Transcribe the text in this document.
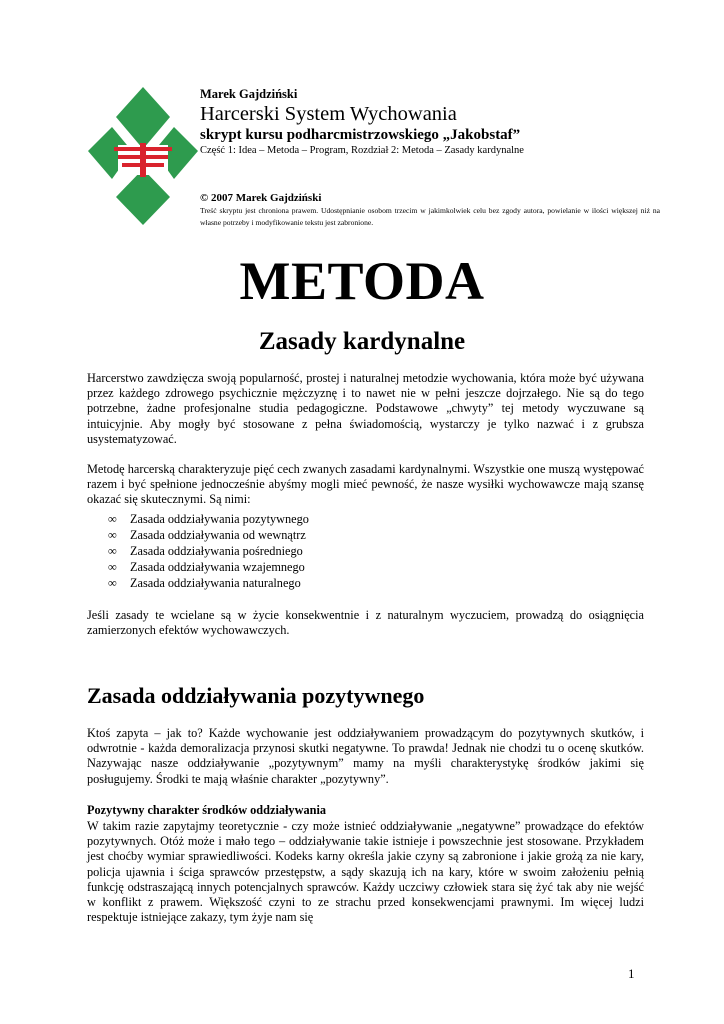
Marek Gajdziński

Harcerski System Wychowania

skrypt kursu podharcmistrzowskiego „Jakobstaf”

Część 1: Idea – Metoda – Program, Rozdział 2: Metoda – Zasady kardynalne

© 2007 Marek Gajdziński

Treść skryptu jest chroniona prawem. Udostępnianie osobom trzecim w jakimkolwiek celu bez zgody autora, powielanie w ilości większej niż na własne potrzeby i modyfikowanie tekstu jest zabronione.

METODA
Zasady kardynalne

Harcerstwo zawdzięcza swoją popularność, prostej i naturalnej metodzie wychowania, która może być używana przez każdego zdrowego psychicznie mężczyznę i to nawet nie w pełni jeszcze dojrzałego. Nie są do tego potrzebne, żadne profesjonalne studia pedagogiczne. Podstawowe „chwyty” tej metody wyczuwane są intuicyjnie. Aby mogły być stosowane z pełna świadomością, wystarczy je tylko nazwać i z grubsza usystematyzować.

Metodę harcerską charakteryzuje pięć cech zwanych zasadami kardynalnymi. Wszystkie one muszą występować razem i być spełnione jednocześnie abyśmy mogli mieć pewność, że nasze wysiłki wychowawcze mają szansę okazać się skutecznymi. Są nimi:

∞	Zasada oddziaływania pozytywnego
∞	Zasada oddziaływania od wewnątrz
∞	Zasada oddziaływania pośredniego
∞	Zasada oddziaływania wzajemnego
∞	Zasada oddziaływania naturalnego

Jeśli zasady te wcielane są w życie konsekwentnie i z naturalnym wyczuciem, prowadzą do osiągnięcia zamierzonych efektów wychowawczych.

Zasada oddziaływania pozytywnego

Ktoś zapyta – jak to? Każde wychowanie jest oddziaływaniem prowadzącym do pozytywnych skutków, i odwrotnie - każda demoralizacja przynosi skutki negatywne. To prawda! Jednak nie chodzi tu o ocenę skutków. Nazywając nasze oddziaływanie „pozytywnym” mamy na myśli charakterystykę środków jakimi się posługujemy. Środki te mają właśnie charakter „pozytywny”.

Pozytywny charakter środków oddziaływania

W takim razie zapytajmy teoretycznie - czy może istnieć oddziaływanie „negatywne” prowadzące do efektów pozytywnych. Otóż może i mało tego – oddziaływanie takie istnieje i powszechnie jest stosowane. Przykładem jest choćby wymiar sprawiedliwości. Kodeks karny określa jakie czyny są zabronione i jakie grożą za nie kary, policja ujawnia i ściga sprawców przestępstw, a sądy skazują ich na kary, które w swoim założeniu pełnią funkcję odstraszającą innych potencjalnych sprawców. Każdy uczciwy człowiek stara się żyć tak aby nie wejść w konflikt z prawem. Większość czyni to ze strachu przed konsekwencjami prawnymi. Im więcej ludzi respektuje istniejące zakazy, tym żyje nam się

1
